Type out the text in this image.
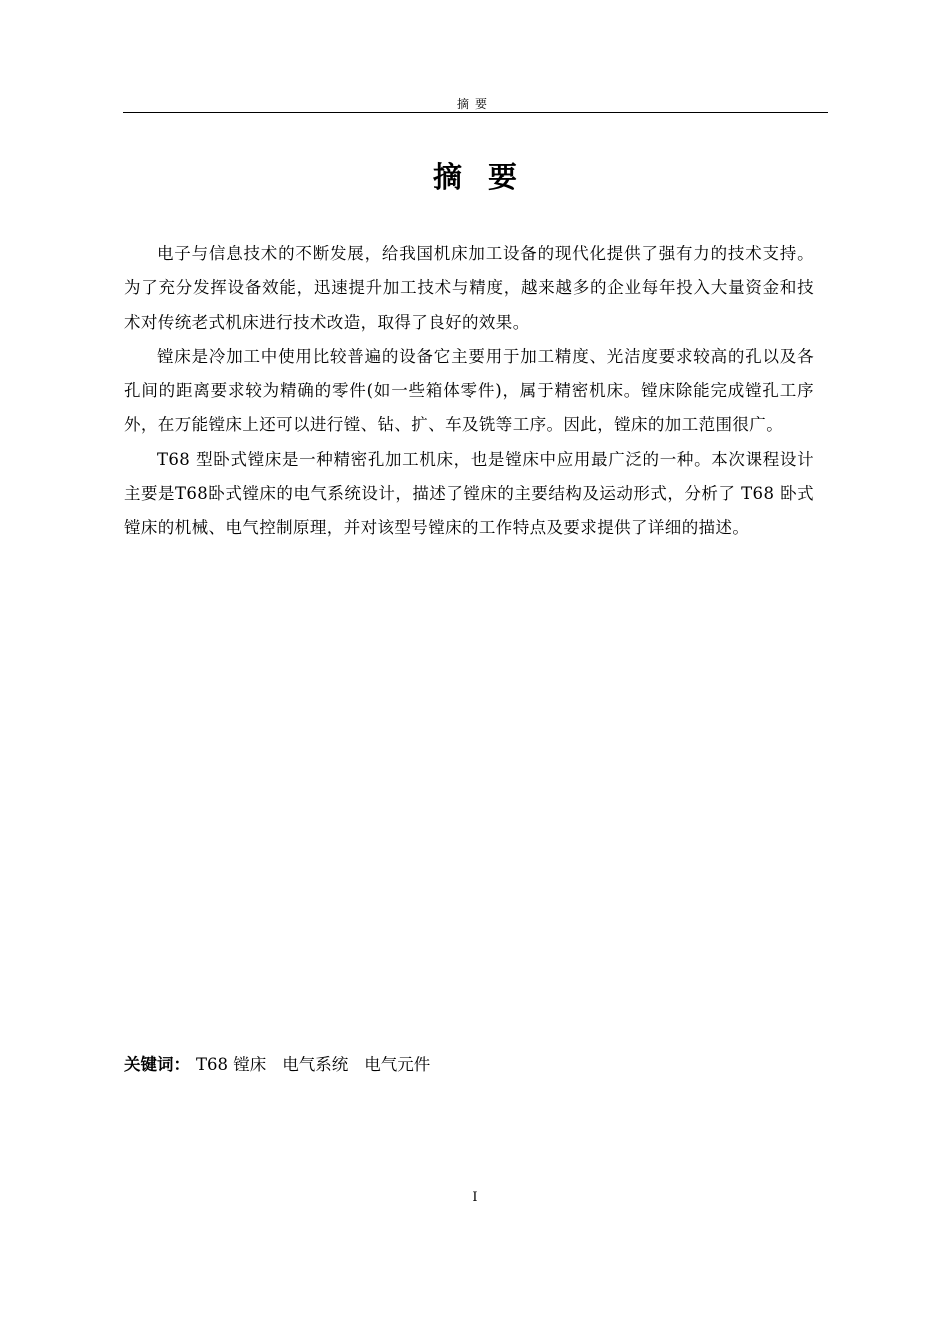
摘要
摘要

电子与信息技术的不断发展，给我国机床加工设备的现代化提供了强有力的技术支持。为了充分发挥设备效能，迅速提升加工技术与精度，越来越多的企业每年投入大量资金和技术对传统老式机床进行技术改造，取得了良好的效果。

镗床是冷加工中使用比较普遍的设备它主要用于加工精度、光洁度要求较高的孔以及各孔间的距离要求较为精确的零件(如一些箱体零件)，属于精密机床。镗床除能完成镗孔工序外，在万能镗床上还可以进行镗、钻、扩、车及铣等工序。因此，镗床的加工范围很广。

T68 型卧式镗床是一种精密孔加工机床，也是镗床中应用最广泛的一种。本次课程设计主要是T68卧式镗床的电气系统设计，描述了镗床的主要结构及运动形式，分析了 T68 卧式镗床的机械、电气控制原理，并对该型号镗床的工作特点及要求提供了详细的描述。

关键词： T68 镗床 电气系统 电气元件
I
